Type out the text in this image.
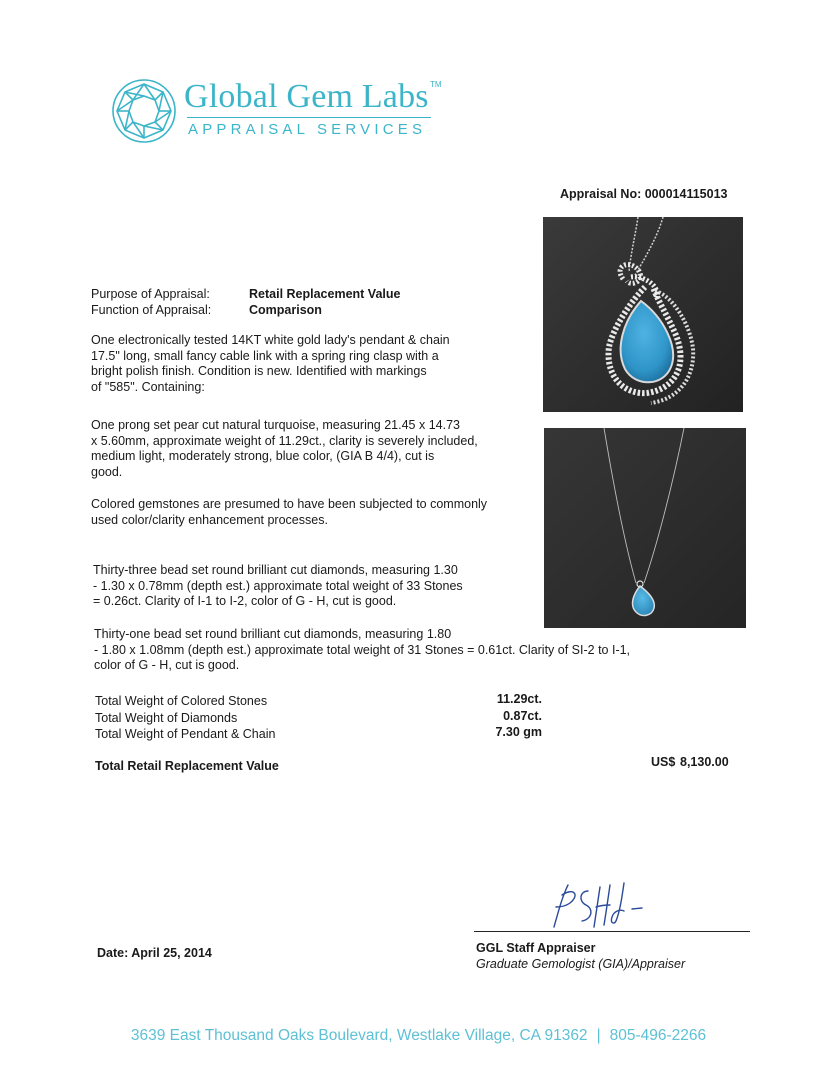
Global Gem Labs TM
APPRAISAL SERVICES
Appraisal No: 000014115013
Purpose of Appraisal:	Retail Replacement Value
Function of Appraisal:	Comparison
One electronically tested 14KT white gold lady's pendant & chain
17.5" long, small fancy cable link with a spring ring clasp with a
bright polish finish. Condition is new. Identified with markings
of "585". Containing:
One prong set pear cut natural turquoise, measuring 21.45 x 14.73
x 5.60mm, approximate weight of 11.29ct., clarity is severely included,
medium light, moderately strong, blue color, (GIA B 4/4), cut is
good.
Colored gemstones are presumed to have been subjected to commonly
used color/clarity enhancement processes.
Thirty-three bead set round brilliant cut diamonds, measuring 1.30
- 1.30 x 0.78mm (depth est.) approximate total weight of 33 Stones
= 0.26ct. Clarity of I-1 to I-2, color of G - H, cut is good.
Thirty-one bead set round brilliant cut diamonds, measuring 1.80
- 1.80 x 1.08mm (depth est.) approximate total weight of 31 Stones = 0.61ct. Clarity of SI-2 to I-1,
color of G - H, cut is good.
Total Weight of Colored Stones	11.29ct.
Total Weight of Diamonds	0.87ct.
Total Weight of Pendant & Chain	7.30 gm
Total Retail Replacement Value	US$ 8,130.00
GGL Staff Appraiser
Graduate Gemologist (GIA)/Appraiser
Date: April 25, 2014
3639 East Thousand Oaks Boulevard, Westlake Village, CA 91362 | 805-496-2266
